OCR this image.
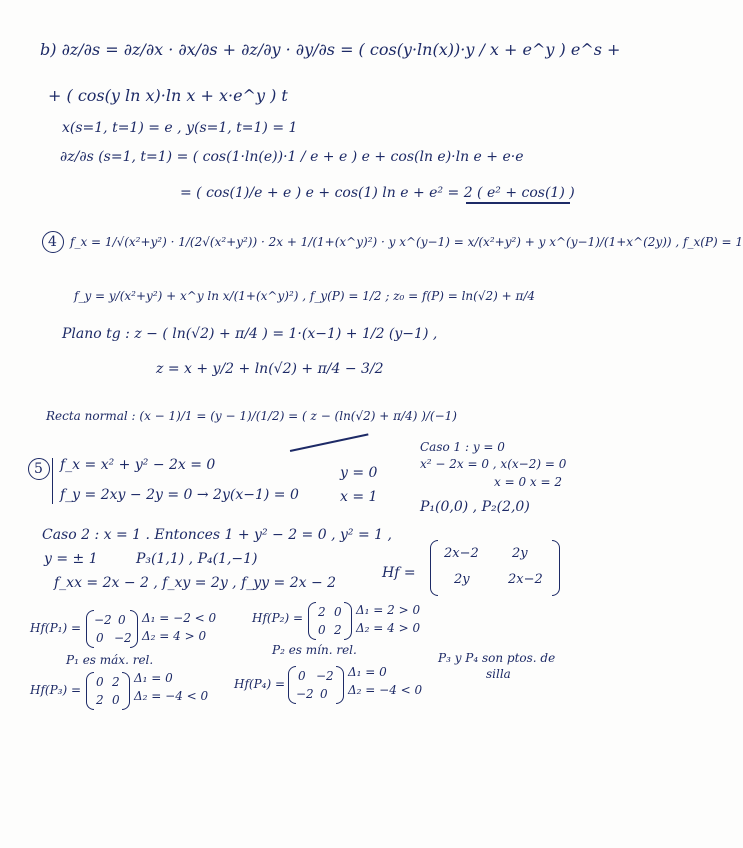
b) ∂z/∂s = ∂z/∂x · ∂x/∂s + ∂z/∂y · ∂y/∂s = ( cos(y·ln(x))·y / x + e^y ) e^s +
+ ( cos(y ln x)·ln x + x·e^y ) t
x(s=1, t=1) = e , y(s=1, t=1) = 1
∂z/∂s (s=1, t=1) = ( cos(1·ln(e))·1 / e + e ) e + cos(ln e)·ln e + e·e
= ( cos(1)/e + e ) e + cos(1) ln e + e² = 2 ( e² + cos(1) )
4 f_x = 1/√(x²+y²) · 1/(2√(x²+y²)) · 2x + 1/(1+(x^y)²) · y x^(y−1) = x/(x²+y²) + y x^(y−1)/(1+x^(2y)) , f_x(P) = 1
f_y = y/(x²+y²) + x^y ln x/(1+(x^y)²) , f_y(P) = 1/2 ; z₀ = f(P) = ln(√2) + π/4
Plano tg : z − ( ln(√2) + π/4 ) = 1·(x−1) + 1/2 (y−1) ,
z = x + y/2 + ln(√2) + π/4 − 3/2
Recta normal : (x − 1)/1 = (y − 1)/(1/2) = ( z − (ln(√2) + π/4) )/(−1)
5 f_x = x² + y² − 2x = 0
f_y = 2xy − 2y = 0 → 2y(x−1) = 0
y = 0
x = 1
Caso 1 : y = 0
x² − 2x = 0 , x(x−2) = 0
x = 0 x = 2
P₁(0,0) , P₂(2,0)
Caso 2 : x = 1 . Entonces 1 + y² − 2 = 0 , y² = 1 ,
y = ± 1	P₃(1,1) , P₄(1,−1)
f_xx = 2x − 2 , f_xy = 2y , f_yy = 2x − 2
Hf =
2x−2	2y
2y	2x−2
Hf(P₁) =
−2 0
0 −2
Δ₁ = −2 < 0
Δ₂ = 4 > 0
P₁ es máx. rel.
Hf(P₂) = 2 0
0 2
Δ₁ = 2 > 0
Δ₂ = 4 > 0
P₂ es mín. rel.
Hf(P₃) =
0 2
2 0
Δ₁ = 0
Δ₂ = −4 < 0
Hf(P₄) =
0 −2
−2 0
Δ₁ = 0
Δ₂ = −4 < 0
P₃ y P₄ son ptos. de
silla
